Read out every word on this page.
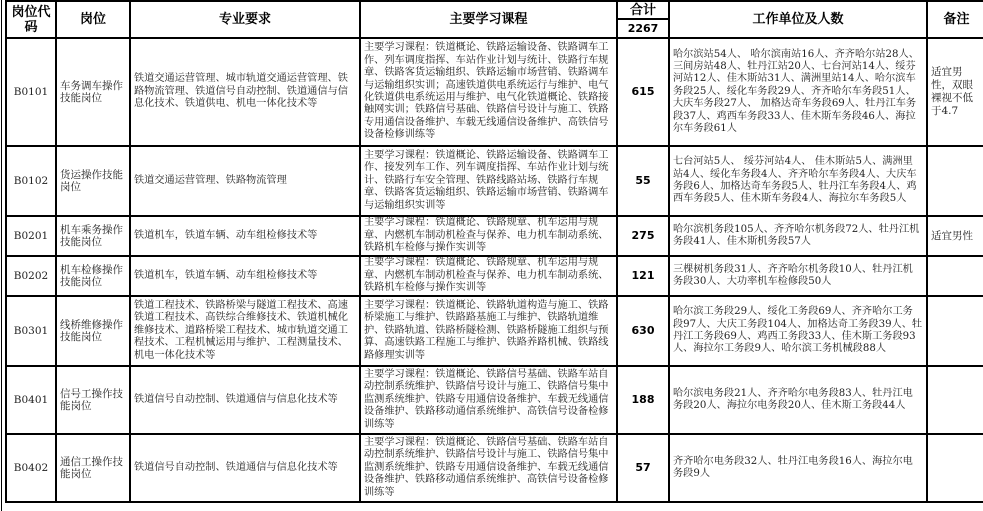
岗位代码	岗位	专业要求	主要学习课程	合计	工作单位及人数	备注
				2267		
B0101	车务调车操作技能岗位	铁道交通运营管理、城市轨道交通运营管理、铁路物流管理、铁道信号自动控制、铁道通信与信息化技术、铁道供电、机电一体化技术等	主要学习课程：铁道概论、铁路运输设备、铁路调车工作、列车调度指挥、车站作业计划与统计、铁路行车规章、铁路客货运输组织、铁路运输市场营销、铁路调车与运输组织实训；高速铁道供电系统运行与维护、电气化铁道供电系统运用与维护、电气化铁道概论、铁路接触网实训；铁路信号基础、铁路信号设计与施工、铁路专用通信设备维护、车载无线通信设备维护、高铁信号设备检修训练等	615	哈尔滨站54人、 哈尔滨南站16人、齐齐哈尔站28人、三间房站48人、牡丹江站20人、七台河站14人、绥芬河站12人、佳木斯站31人、满洲里站14人、哈尔滨车务段25人、绥化车务段29人、齐齐哈尔车务段51人、大庆车务段27人、 加格达奇车务段69人、牡丹江车务段37人、鸡西车务段33人、佳木斯车务段46人、海拉尔车务段61人	适宜男性，双眼裸视不低于4.7
B0102	货运操作技能岗位	铁道交通运营管理、铁路物流管理	主要学习课程：铁道概论、铁路运输设备、铁路调车工作、接发列车工作、列车调度指挥、车站作业计划与统计、铁路行车安全管理、铁路线路站场、铁路行车规章、铁路客货运输组织、铁路运输市场营销、铁路调车与运输组织实训等	55	七台河站5人、 绥芬河站4人、 佳木斯站5人、满洲里站4人、绥化车务段4人、齐齐哈尔车务段4人、大庆车务段6人、加格达奇车务段5人、牡丹江车务段4人、鸡西车务段5人、佳木斯车务段4人、海拉尔车务段5人	
B0201	机车乘务操作技能岗位	铁道机车，铁道车辆、动车组检修技术等	主要学习课程：铁道概论、铁路规章、机车运用与规章、内燃机车制动机检查与保养、电力机车制动系统、铁路机车检修与操作实训等	275	哈尔滨机务段105人、齐齐哈尔机务段72人、牡丹江机务段41人、佳木斯机务段57人	适宜男性
B0202	机车检修操作技能岗位	铁道机车，铁道车辆、动车组检修技术等	主要学习课程：铁道概论、铁路规章、机车运用与规章、内燃机车制动机检查与保养、电力机车制动系统、铁路机车检修与操作实训等	121	三棵树机务段31人、齐齐哈尔机务段10人、牡丹江机务段30人、大功率机车检修段50人	
B0301	线桥维修操作技能岗位	铁道工程技术、铁路桥梁与隧道工程技术、高速铁道工程技术、高铁综合维修技术、铁道机械化维修技术、道路桥梁工程技术、城市轨道交通工程技术、工程机械运用与维护、工程测量技术、机电一体化技术等	主要学习课程：铁道概论、铁路轨道构造与施工、铁路桥梁施工与维护、铁路路基施工与维护、铁路轨道维护、铁路轨道、铁路桥隧检测、铁路桥隧施工组织与预算、高速铁路工程施工与维护、铁路养路机械、铁路线路修理实训等	630	哈尔滨工务段29人、绥化工务段69人、齐齐哈尔工务段97人、大庆工务段104人、加格达奇工务段39人、牡丹江工务段69人、鸡西工务段33人、佳木斯工务段93人、海拉尔工务段9人、哈尔滨工务机械段88人	
B0401	信号工操作技能岗位	铁道信号自动控制、铁道通信与信息化技术等	主要学习课程：铁道概论、铁路信号基础、铁路车站自动控制系统维护、铁路信号设计与施工、铁路信号集中监测系统维护、铁路专用通信设备维护、车载无线通信设备维护、铁路移动通信系统维护、高铁信号设备检修训练等	188	哈尔滨电务段21人、齐齐哈尔电务段83人、牡丹江电务段20人、海拉尔电务段20人、佳木斯工务段44人	
B0402	通信工操作技能岗位	铁道信号自动控制、铁道通信与信息化技术等	主要学习课程：铁道概论、铁路信号基础、铁路车站自动控制系统维护、铁路信号设计与施工、铁路信号集中监测系统维护、铁路专用通信设备维护、车载无线通信设备维护、铁路移动通信系统维护、高铁信号设备检修训练等	57	齐齐哈尔电务段32人、牡丹江电务段16人、海拉尔电务段9人	
